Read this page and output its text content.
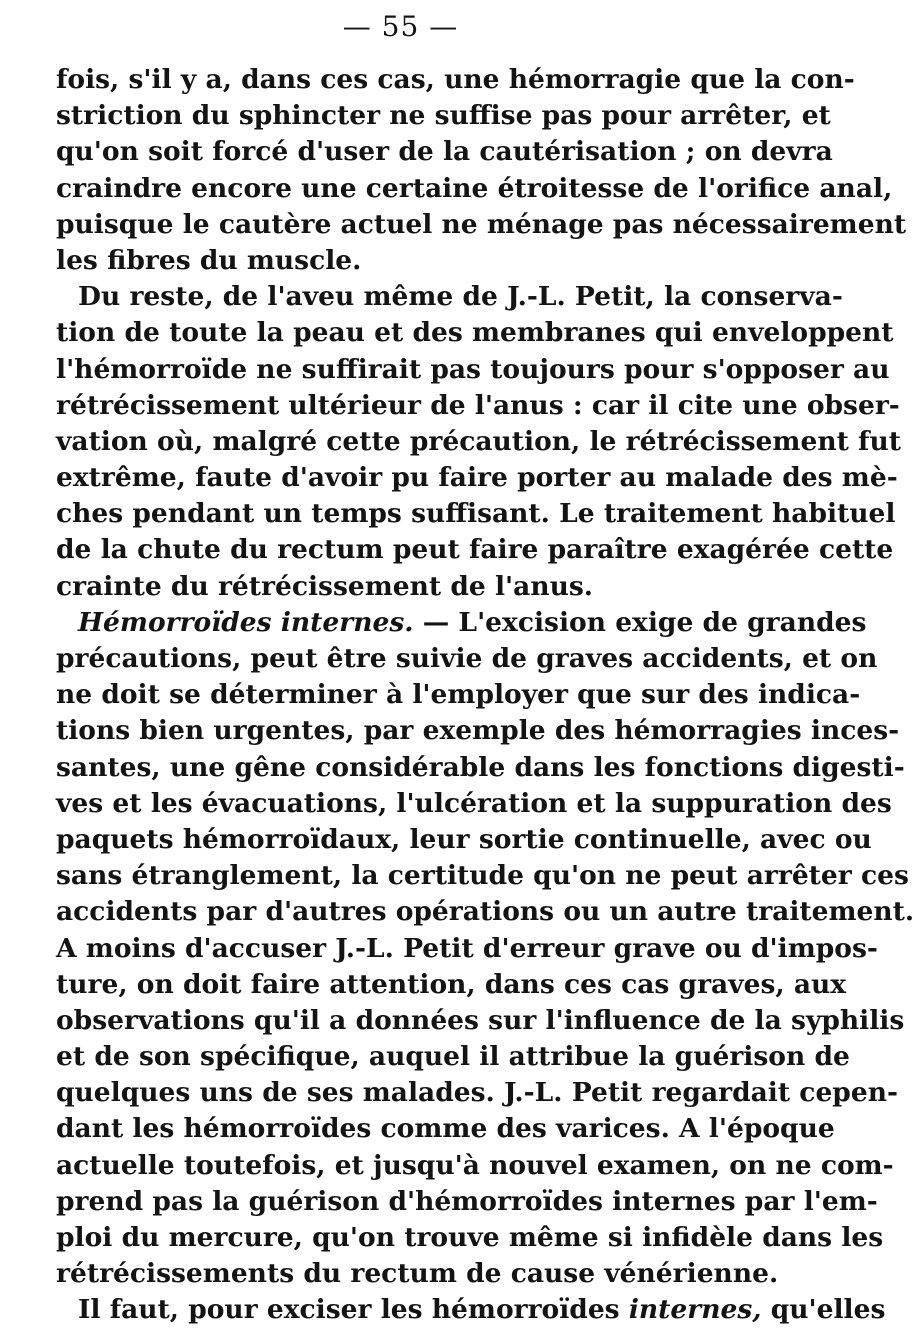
— 55 —
fois, s'il y a, dans ces cas, une hémorragie que la con-
striction du sphincter ne suffise pas pour arrêter, et
qu'on soit forcé d'user de la cautérisation ; on devra
craindre encore une certaine étroitesse de l'orifice anal,
puisque le cautère actuel ne ménage pas nécessairement
les fibres du muscle.
Du reste, de l'aveu même de J.-L. Petit, la conserva-
tion de toute la peau et des membranes qui enveloppent
l'hémorroïde ne suffirait pas toujours pour s'opposer au
rétrécissement ultérieur de l'anus : car il cite une obser-
vation où, malgré cette précaution, le rétrécissement fut
extrême, faute d'avoir pu faire porter au malade des mè-
ches pendant un temps suffisant. Le traitement habituel
de la chute du rectum peut faire paraître exagérée cette
crainte du rétrécissement de l'anus.
Hémorroïdes internes. — L'excision exige de grandes
précautions, peut être suivie de graves accidents, et on
ne doit se déterminer à l'employer que sur des indica-
tions bien urgentes, par exemple des hémorragies inces-
santes, une gêne considérable dans les fonctions digesti-
ves et les évacuations, l'ulcération et la suppuration des
paquets hémorroïdaux, leur sortie continuelle, avec ou
sans étranglement, la certitude qu'on ne peut arrêter ces
accidents par d'autres opérations ou un autre traitement.
A moins d'accuser J.-L. Petit d'erreur grave ou d'impos-
ture, on doit faire attention, dans ces cas graves, aux
observations qu'il a données sur l'influence de la syphilis
et de son spécifique, auquel il attribue la guérison de
quelques uns de ses malades. J.-L. Petit regardait cepen-
dant les hémorroïdes comme des varices. A l'époque
actuelle toutefois, et jusqu'à nouvel examen, on ne com-
prend pas la guérison d'hémorroïdes internes par l'em-
ploi du mercure, qu'on trouve même si infidèle dans les
rétrécissements du rectum de cause vénérienne.
Il faut, pour exciser les hémorroïdes internes, qu'elles
